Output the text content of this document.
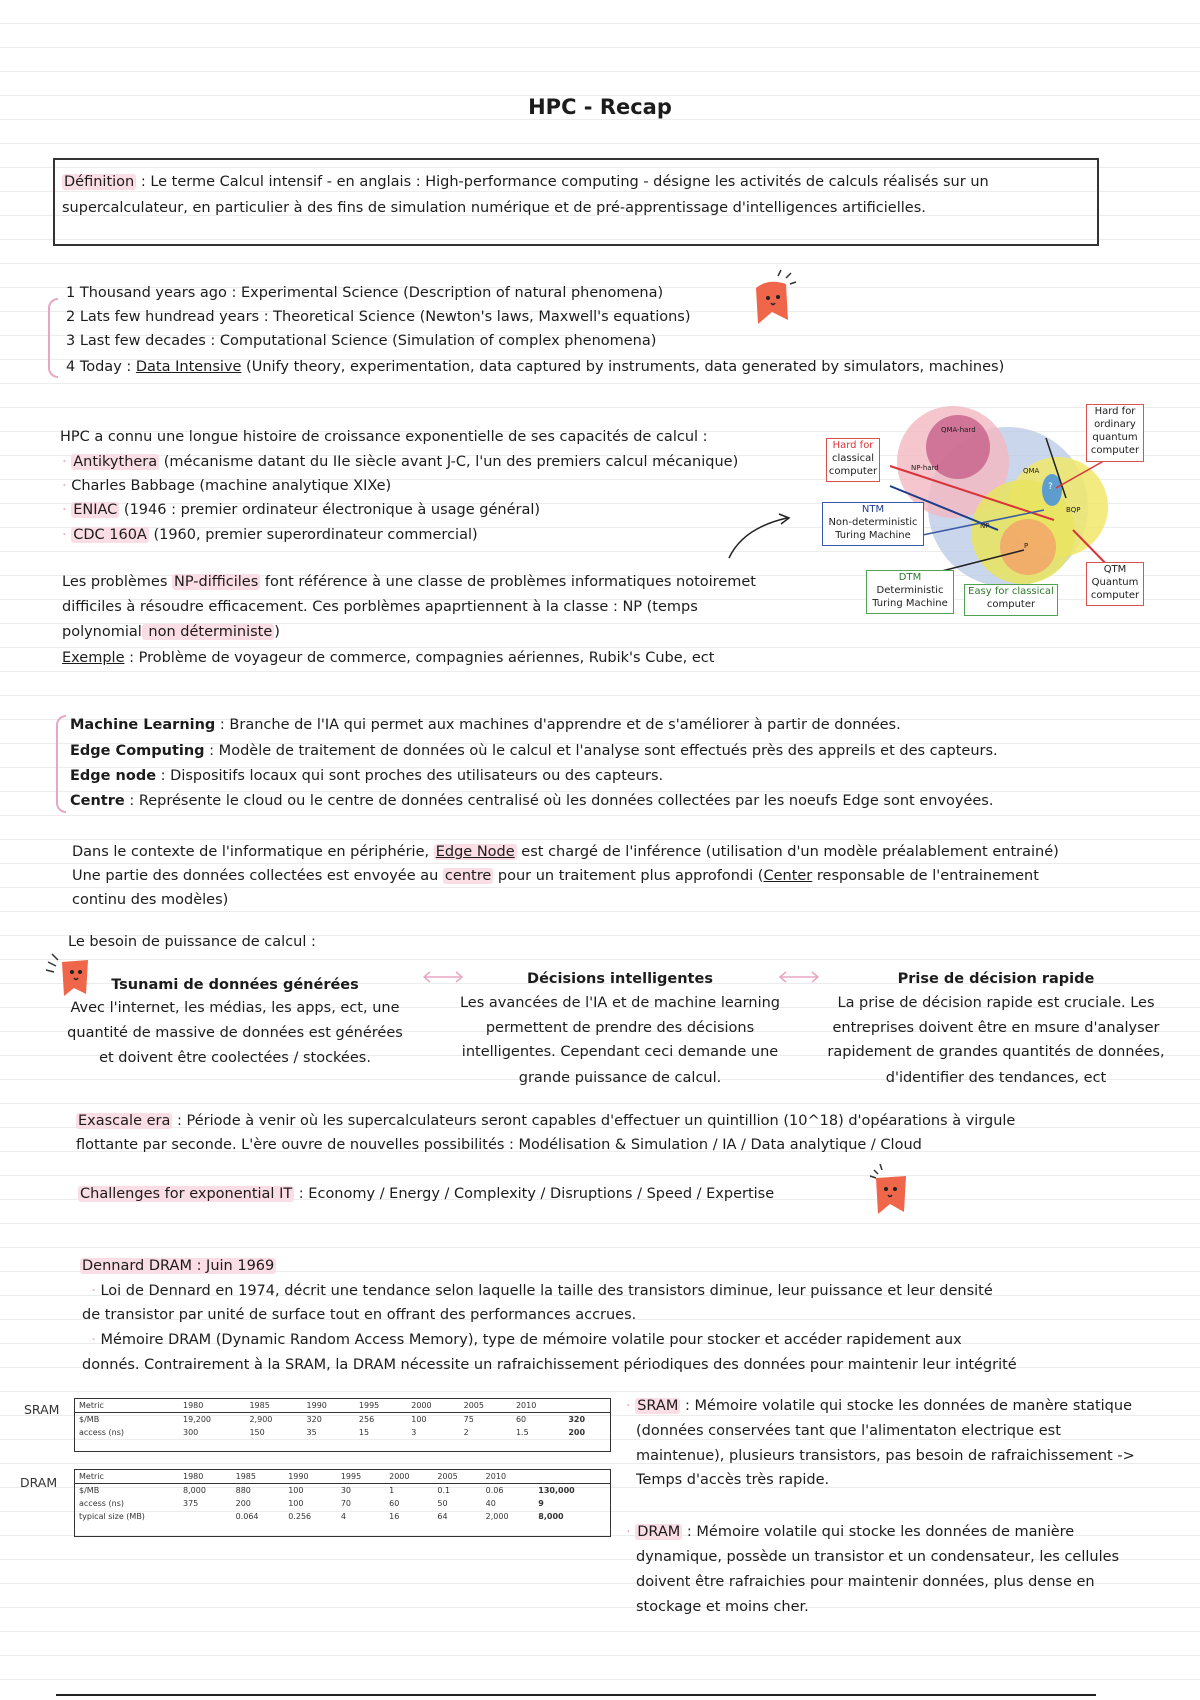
HPC - Recap
Définition : Le terme Calcul intensif - en anglais : High-performance computing - désigne les activités de calculs réalisés sur un
supercalculateur, en particulier à des fins de simulation numérique et de pré-apprentissage d'intelligences artificielles.
1 Thousand years ago : Experimental Science (Description of natural phenomena)
2 Lats few hundread years : Theoretical Science (Newton's laws, Maxwell's equations)
3 Last few decades : Computational Science (Simulation of complex phenomena)
4 Today : Data Intensive (Unify theory, experimentation, data captured by instruments, data generated by simulators, machines)
HPC a connu une longue histoire de croissance exponentielle de ses capacités de calcul :
· Antikythera (mécanisme datant du IIe siècle avant J-C, l'un des premiers calcul mécanique)
· Charles Babbage (machine analytique XIXe)
· ENIAC (1946 : premier ordinateur électronique à usage général)
· CDC 160A (1960, premier superordinateur commercial)
Les problèmes NP-difficiles font référence à une classe de problèmes informatiques notoiremet
difficiles à résoudre efficacement. Ces porblèmes apaprtiennent à la classe : NP (temps
polynomial non déterministe )
Exemple : Problème de voyageur de commerce, compagnies aériennes, Rubik's Cube, ect
QMA-hard
NP-hard	QMA
NP
BQP
P
?
Hard for
classical
computer
Hard for
ordinary
quantum
computer
NTM
Non-deterministic
Turing Machine
DTM
Deterministic
Turing Machine
Easy for classical
computer
QTM
Quantum
computer
Machine Learning : Branche de l'IA qui permet aux machines d'apprendre et de s'améliorer à partir de données.
Edge Computing : Modèle de traitement de données où le calcul et l'analyse sont effectués près des appreils et des capteurs.
Edge node : Dispositifs locaux qui sont proches des utilisateurs ou des capteurs.
Centre : Représente le cloud ou le centre de données centralisé où les données collectées par les noeufs Edge sont envoyées.
Dans le contexte de l'informatique en périphérie, Edge Node est chargé de l'inférence (utilisation d'un modèle préalablement entrainé)
Une partie des données collectées est envoyée au centre pour un traitement plus approfondi (Center responsable de l'entrainement
continu des modèles)
Le besoin de puissance de calcul :
Tsunami de données générées
Avec l'internet, les médias, les apps, ect, une
quantité de massive de données est générées
et doivent être coolectées / stockées.
Décisions intelligentes
Les avancées de l'IA et de machine learning
permettent de prendre des décisions
intelligentes. Cependant ceci demande une
grande puissance de calcul.
Prise de décision rapide
La prise de décision rapide est cruciale. Les
entreprises doivent être en msure d'analyser
rapidement de grandes quantités de données,
d'identifier des tendances, ect
Exascale era : Période à venir où les supercalculateurs seront capables d'effectuer un quintillion (10^18) d'opéarations à virgule
flottante par seconde. L'ère ouvre de nouvelles possibilités : Modélisation & Simulation / IA / Data analytique / Cloud
Challenges for exponential IT : Economy / Energy / Complexity / Disruptions / Speed / Expertise
Dennard DRAM : Juin 1969
· Loi de Dennard en 1974, décrit une tendance selon laquelle la taille des transistors diminue, leur puissance et leur densité
de transistor par unité de surface tout en offrant des performances accrues.
· Mémoire DRAM (Dynamic Random Access Memory), type de mémoire volatile pour stocker et accéder rapidement aux
donnés. Contrairement à la SRAM, la DRAM nécessite un rafraichissement périodiques des données pour maintenir leur intégrité
SRAM Metric	1980	1985	1990	1995	2000	2005	2010	
$/MB	19,200	2,900	320	256	100	75	60	320
access (ns)	300	150	35	15	3	2	1.5	200
DRAM	Metric	1980	1985	1990	1995	2000	2005	2010	
$/MB	8,000	880	100	30	1	0.1	0.06	130,000
access (ns)	375	200	100	70	60	50	40	9
typical size (MB)		0.064	0.256	4	16	64	2,000	8,000
· SRAM : Mémoire volatile qui stocke les données de manère statique
(données conservées tant que l'alimentaton electrique est
maintenue), plusieurs transistors, pas besoin de rafraichissement ->
Temps d'accès très rapide.
· DRAM : Mémoire volatile qui stocke les données de manière
dynamique, possède un transistor et un condensateur, les cellules
doivent être rafraichies pour maintenir données, plus dense en
stockage et moins cher.
